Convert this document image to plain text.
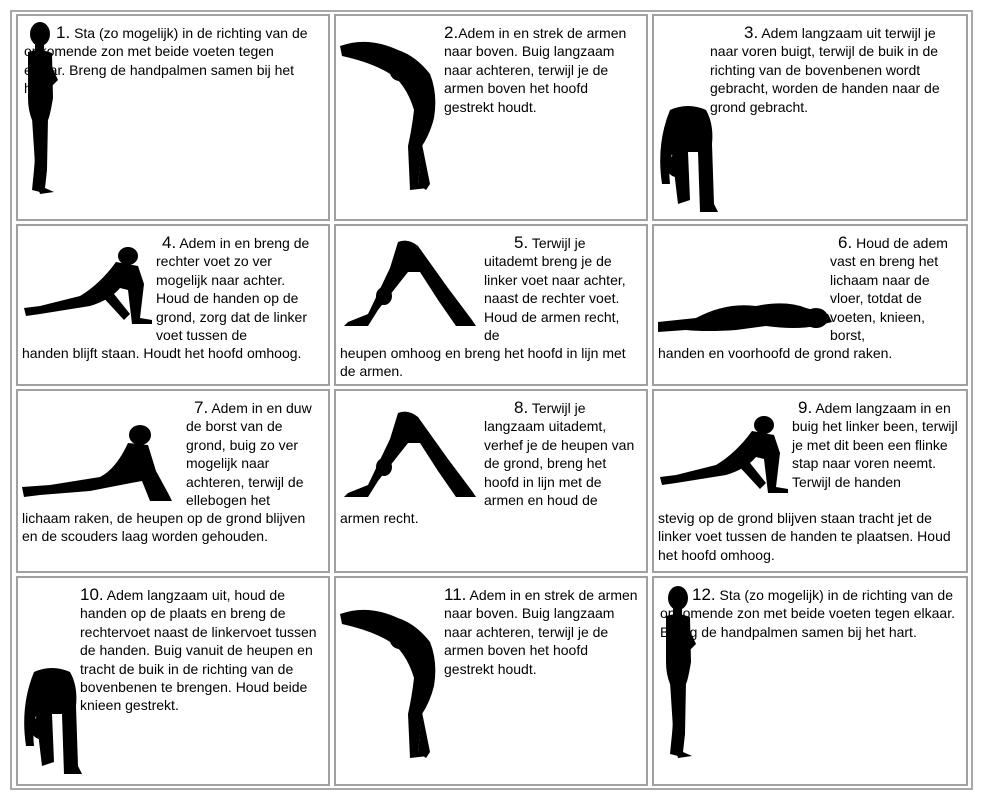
1. Sta (zo mogelijk) in de richting van de opkomende zon met beide voeten tegen elkaar. Breng de handpalmen samen bij het hart.
2.Adem in en strek de armen naar boven. Buig langzaam naar achteren, terwijl je de armen boven het hoofd gestrekt houdt.
3. Adem langzaam uit terwijl je naar voren buigt, terwijl de buik in de richting van de bovenbenen wordt gebracht, worden de handen naar de grond gebracht.
4. Adem in en breng de rechter voet zo ver mogelijk naar achter. Houd de handen op de grond, zorg dat de linker voet tussen de
handen blijft staan. Houdt het hoofd omhoog.
5. Terwijl je uitademt breng je de linker voet naar achter, naast de rechter voet. Houd de armen recht, de
heupen omhoog en breng het hoofd in lijn met de armen.
6. Houd de adem vast en breng het lichaam naar de vloer, totdat de voeten, knieen, borst,
handen en voorhoofd de grond raken.
7. Adem in en duw de borst van de grond, buig zo ver mogelijk naar achteren, terwijl de ellebogen het
lichaam raken, de heupen op de grond blijven en de scouders laag worden gehouden.
8. Terwijl je langzaam uitademt, verhef je de heupen van de grond, breng het hoofd in lijn met de armen en houd de
armen recht.
9. Adem langzaam in en buig het linker been, terwijl je met dit been een flinke stap naar voren neemt. Terwijl de handen
stevig op de grond blijven staan tracht jet de linker voet tussen de handen te plaatsen. Houd het hoofd omhoog.
10. Adem langzaam uit, houd de handen op de plaats en breng de rechtervoet naast de linkervoet tussen de handen. Buig vanuit de heupen en tracht de buik in de richting van de bovenbenen te brengen. Houd beide knieen gestrekt.
11. Adem in en strek de armen naar boven. Buig langzaam naar achteren, terwijl je de armen boven het hoofd gestrekt houdt.
12. Sta (zo mogelijk) in de richting van de opkomende zon met beide voeten tegen elkaar. Breng de handpalmen samen bij het hart.
